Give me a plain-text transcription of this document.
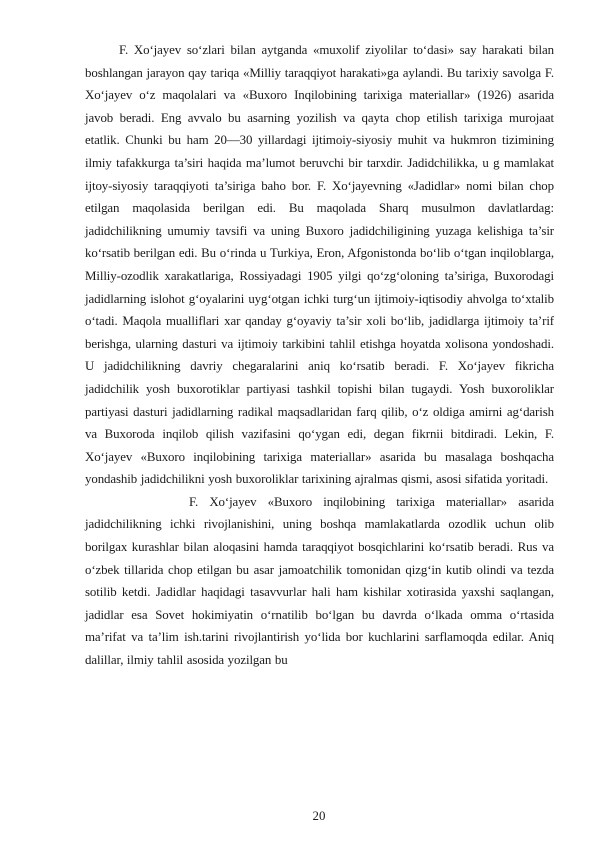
F. Xo‘jayev so‘zlari bilan aytganda «muxolif ziyolilar to‘dasi» say harakati bilan boshlangan jarayon qay tariqa «Milliy taraqqiyot harakati»ga aylandi. Bu tarixiy savolga F. Xo‘jayev o‘z maqolalari va «Buxoro Inqilobining tarixiga materiallar» (1926) asarida javob beradi. Eng avvalo bu asarning yozilish va qayta chop etilish tarixiga murojaat etatlik. Chunki bu ham 20—30 yillardagi ijtimoiy-siyosiy muhit va hukmron tizimining ilmiy tafakkurga ta’siri haqida ma’lumot beruvchi bir tarxdir. Jadidchilikka, u g mamlakat ijtoy-siyosiy taraqqiyoti ta’siriga baho bor. F. Xo‘jayevning «Jadidlar» nomi bilan chop etilgan maqolasida berilgan edi. Bu maqolada Sharq musulmon davlatlardag: jadidchilikning umumiy tavsifi va uning Buxoro jadidchiligining yuzaga kelishiga ta’sir ko‘rsatib berilgan edi. Bu o‘rinda u Turkiya, Eron, Afgonistonda bo‘lib o‘tgan inqiloblarga, Milliy-ozodlik xarakatlariga, Rossiyadagi 1905 yilgi qo‘zg‘oloning ta’siriga, Buxorodagi jadidlarning islohot g‘oyalarini uyg‘otgan ichki turg‘un ijtimoiy-iqtisodiy ahvolga to‘xtalib o‘tadi. Maqola mualliflari xar qanday g‘oyaviy ta’sir xoli bo‘lib, jadidlarga ijtimoiy ta’rif berishga, ularning dasturi va ijtimoiy tarkibini tahlil etishga hoyatda xolisona yondoshadi. U jadidchilikning davriy chegaralarini aniq ko‘rsatib beradi. F. Xo‘jayev fikricha jadidchilik yosh buxorotiklar partiyasi tashkil topishi bilan tugaydi. Yosh buxoroliklar partiyasi dasturi jadidlarning radikal maqsadlaridan farq qilib, o‘z oldiga amirni ag‘darish va Buxoroda inqilob qilish vazifasini qo‘ygan edi, degan fikrnii bitdiradi. Lekin, F. Xo‘jayev «Buxoro inqilobining tarixiga materiallar» asarida bu masalaga boshqacha yondashib jadidchilikni yosh buxoroliklar tarixining ajralmas qismi, asosi sifatida yoritadi.

F. Xo‘jayev «Buxoro inqilobining tarixiga materiallar» asarida jadidchilikning ichki rivojlanishini, uning boshqa mamlakatlarda ozodlik uchun olib borilgax kurashlar bilan aloqasini hamda taraqqiyot bosqichlarini ko‘rsatib beradi. Rus va o‘zbek tillarida chop etilgan bu asar jamoatchilik tomonidan qizg‘in kutib olindi va tezda sotilib ketdi. Jadidlar haqidagi tasavvurlar hali ham kishilar xotirasida yaxshi saqlangan, jadidlar esa Sovet hokimiyatin o‘rnatilib bo‘lgan bu davrda o‘lkada omma o‘rtasida ma’rifat va ta’lim ish.tarini rivojlantirish yo‘lida bor kuchlarini sarflamoqda edilar. Aniq dalillar, ilmiy tahlil asosida yozilgan bu

20
